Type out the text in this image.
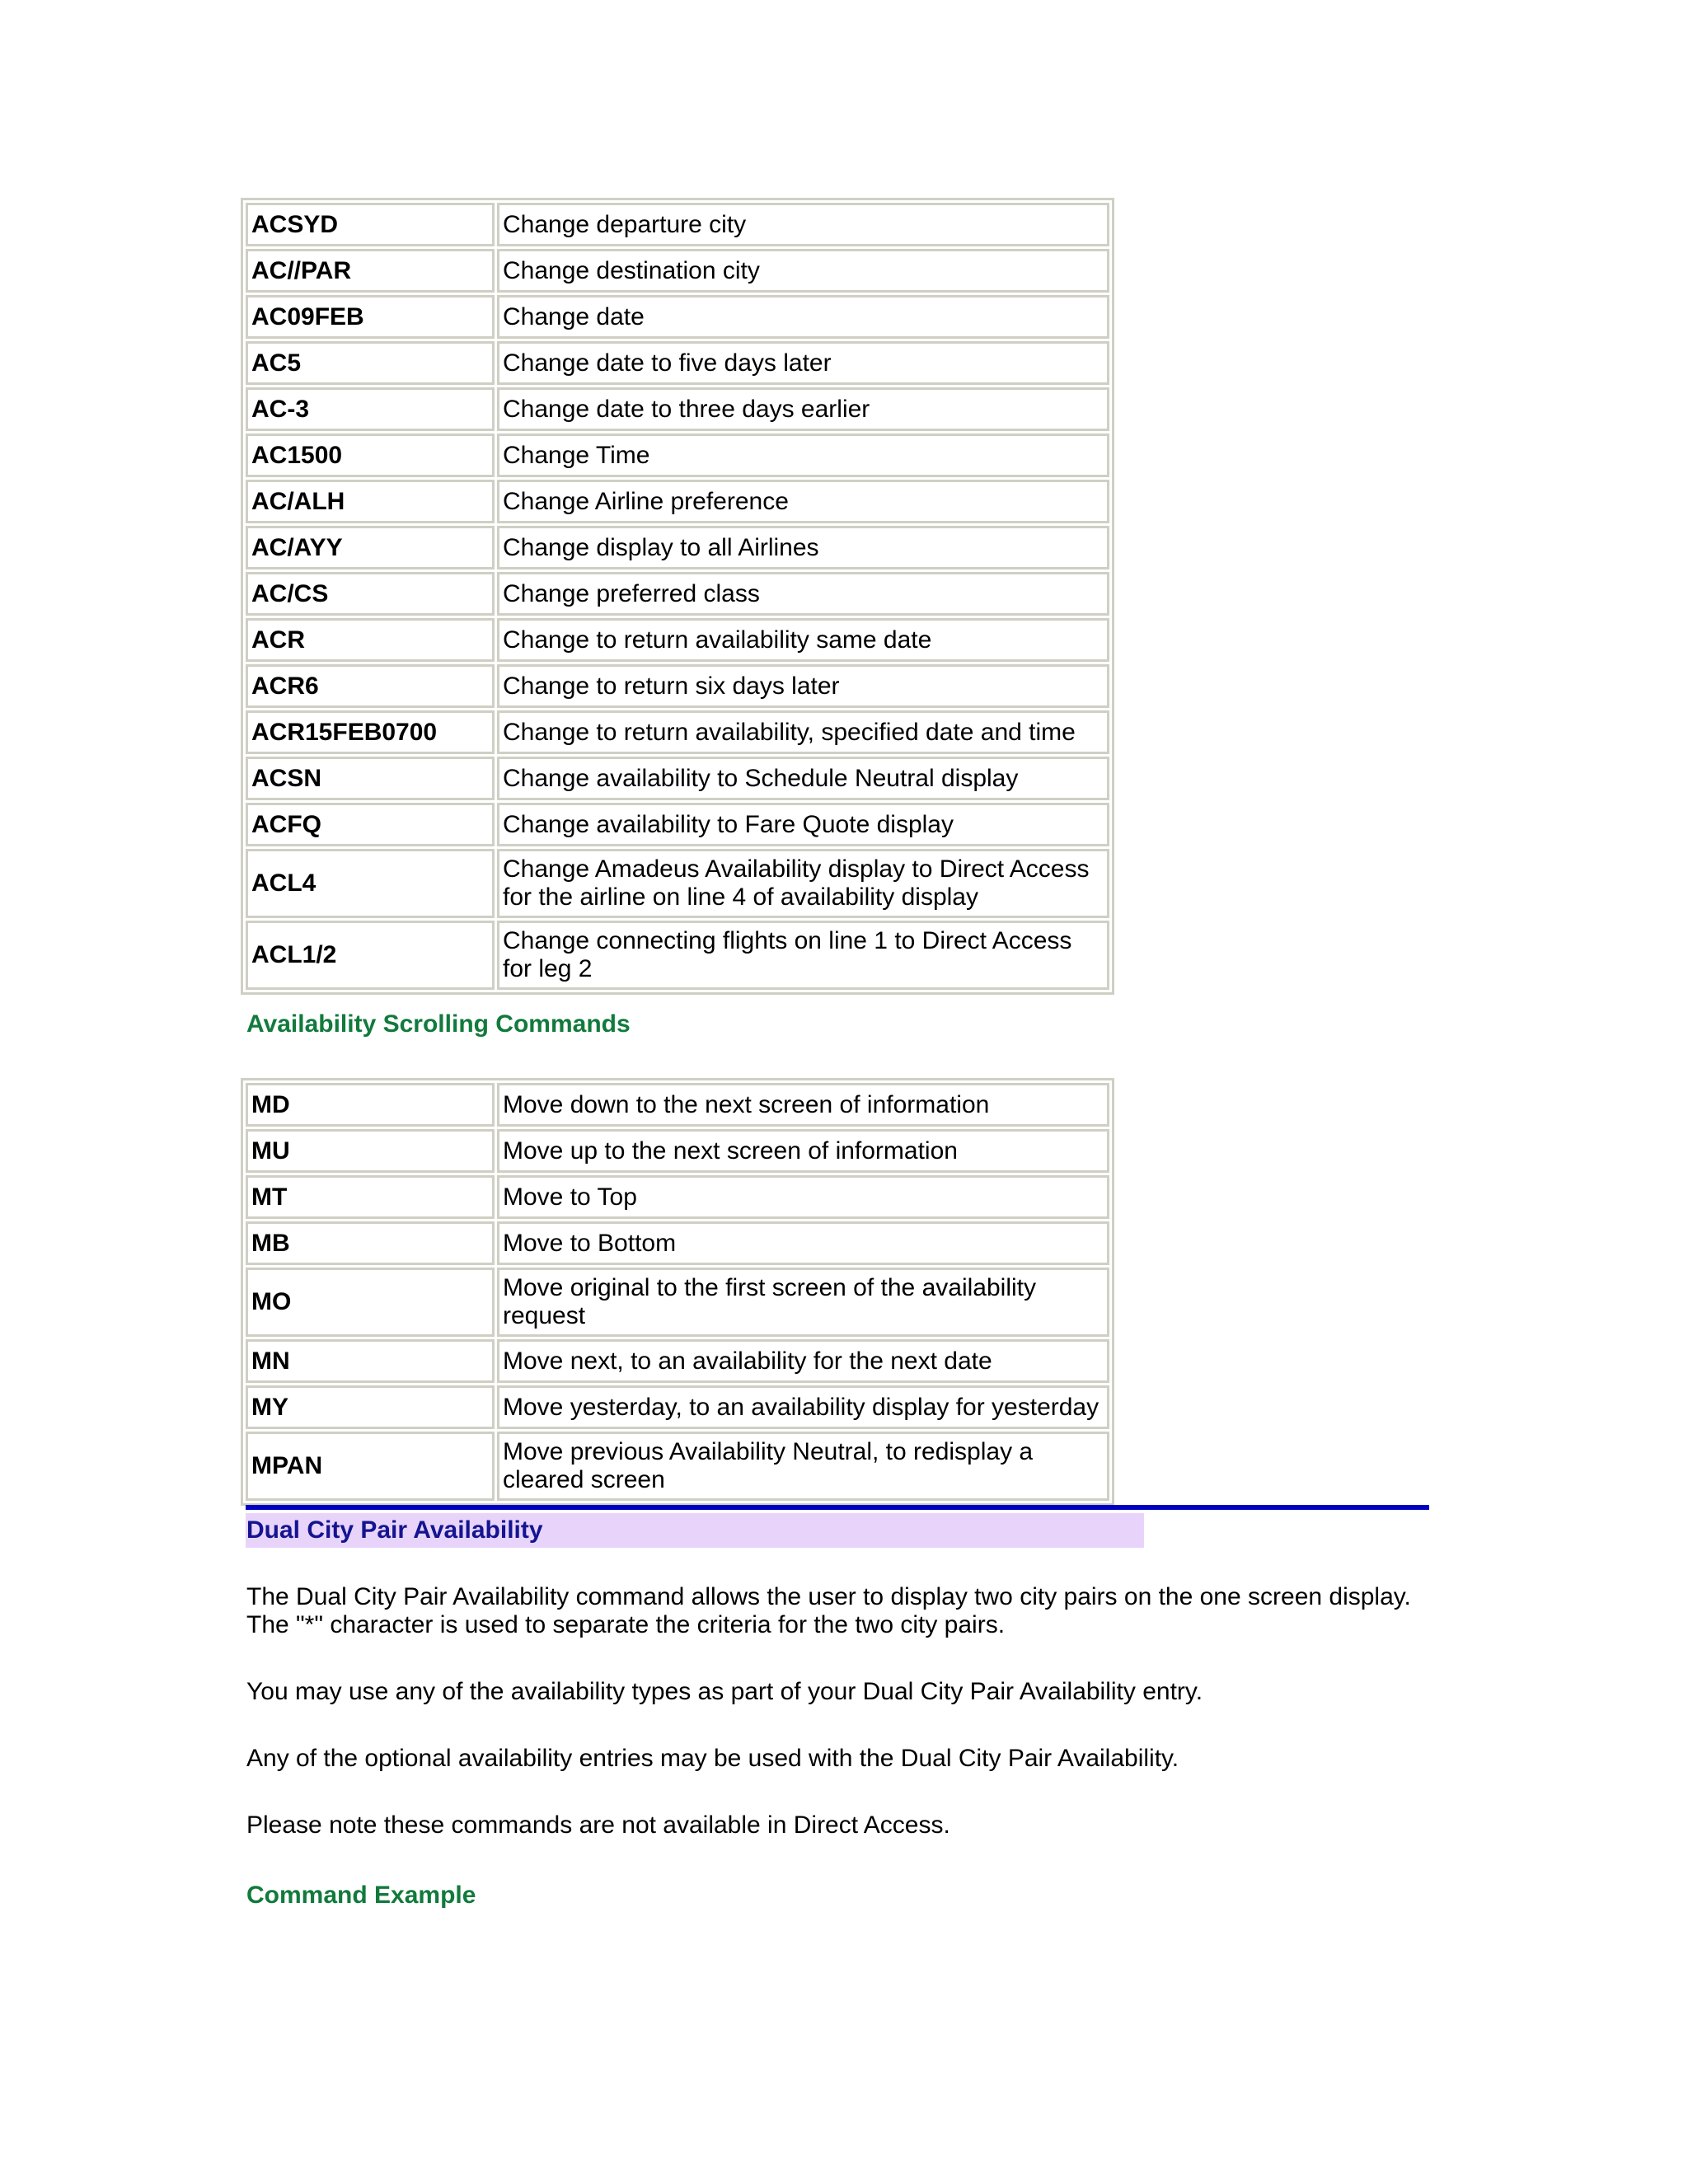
ACSYD	Change departure city
AC//PAR	Change destination city
AC09FEB	Change date
AC5	Change date to five days later
AC-3	Change date to three days earlier
AC1500	Change Time
AC/ALH	Change Airline preference
AC/AYY	Change display to all Airlines
AC/CS	Change preferred class
ACR	Change to return availability same date
ACR6	Change to return six days later
ACR15FEB0700	Change to return availability, specified date and time
ACSN	Change availability to Schedule Neutral display
ACFQ	Change availability to Fare Quote display
ACL4	Change Amadeus Availability display to Direct Access for the airline on line 4 of availability display
ACL1/2	Change connecting flights on line 1 to Direct Access for leg 2
Availability Scrolling Commands
MD	Move down to the next screen of information
MU	Move up to the next screen of information
MT	Move to Top
MB	Move to Bottom
MO	Move original to the first screen of the availability request
MN	Move next, to an availability for the next date
MY	Move yesterday, to an availability display for yesterday
MPAN	Move previous Availability Neutral, to redisplay a cleared screen
Dual City Pair Availability

The Dual City Pair Availability command allows the user to display two city pairs on the one screen display. The "*" character is used to separate the criteria for the two city pairs.

You may use any of the availability types as part of your Dual City Pair Availability entry.

Any of the optional availability entries may be used with the Dual City Pair Availability.

Please note these commands are not available in Direct Access.

Command Example
